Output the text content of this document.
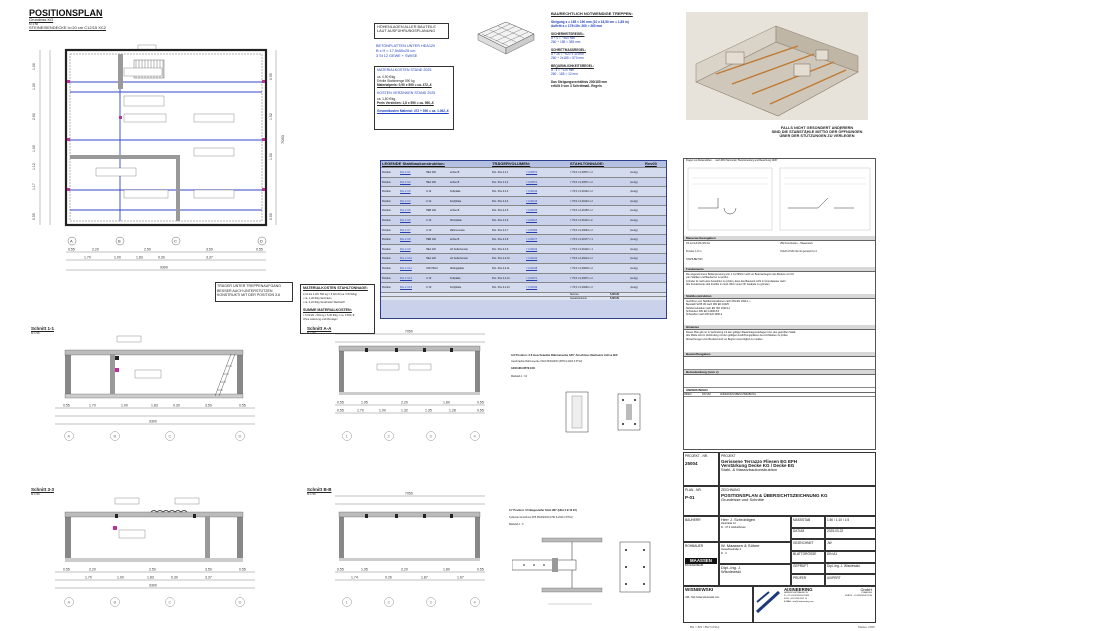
POSITIONSPLAN
Grundriss KG
M 1:50
STEINEISENDECKE h=20 cm C12/15 XC2
A	B	C	D
0.55	2.20	2.50	3.50	0.55
1.70	1.00	1.83	0.30	3.37
9300
1.00
1.00
2.60
1.00
1.12
1.17
0.55
7050
0.55
1.52
1.50
0.55
HÖHENLAGEN ALLER BAUTEILE LAUT AUSFÜHRUNGSPLANUNG
BETONPLATTEN UNTER HEA120
B x H = 17,5x50x25 cm
3 St 12 GEWE + SWISE
MATERIALKOSTEN STAND 2025
ca. 0,90 €/kg
Erfolte Stahlmenge 590 kg
Materialpreis: 0,90 x 590 = ca. 472,-€
KOSTEN VERZINKEN STAND 2025
ca. 1,80 €/kg
Preis Verzinken: 1,8 x 590 = ca. 590,-€
Gesamtkosten Material: 472 + 590 = ca. 1.062,-€
BAURECHTLICH NOTWENDIGE TREPPEN:
Steigung s = 185 < 190 mm (10 x 18,50 cm = 1,85 m)
Auftritt a = 175<30< 260 > 260 mm
SICHERHEITSREGEL:
a + s = ~460 mm
260 + 185 = 385 mm
SCHRITTMASSREGEL:
a + 2s = ~620 ± 30 mm
260 + 2x185 = 570 mm
BEQUEMLICHKEITSREGEL:
a - s = ~120 mm
260 - 185 = 12 mm
Das Steigungsverhältnis 200/185 mm
erfüllt 0 von 3 Schrittmaß- Regeln
FALLS NICHT GESONDERT ANDERERN
SIND DIE STABSTÄHLE MITTIG DER ÖFFNUNGEN
ÜBER DER STÜTZUNGEN ZU VERLEGEN
LEGENDE Stahlbaukonstruktion:	TRÄGERVOLUMEN:	STAHLTONNAGE:	Rev00
Position	Pos 2.4.1	HEA 160	Achse B	Pos. Pos 2.4.1	= 0,00571	= 79,5 x 0,00571 x 2	(ca kg)
Position	Pos 2.4.2	HEA 160	Achse B	Pos. Pos 2.4.2	= 0,00571	= 79,5 x 0,00571 x 2	(ca kg)
Position	Pos 2.4.3	U 12	Fußplatte	Pos. Pos 2.4.3	= 0,00143	= 79,5 x 0,00143 x 2	(ca kg)
Position	Pos 2.4.4	U 12	Kopfplatte	Pos. Pos 2.4.4	= 0,00143	= 79,5 x 0,00143 x 2	(ca kg)
Position	Pos 2.4.5	HEB 100	Achse B	Pos. Pos 2.4.5	= 0,00153	= 79,5 x 0,00153 x 2	(ca kg)
Position	Pos 2.4.6	U 10	Stützplatte	Pos. Pos 2.4.6	= 0,00113	= 79,5 x 0,00113 x 2	(ca kg)
Position	Pos 2.4.7	U 10	Rahmenecke	Pos. Pos 2.4.7	= 0,00094	= 79,5 x 0,00094 x 2	(ca kg)
Position	Pos 2.4.8	HEB 100	Achse B	Pos. Pos 2.4.8	= 0,00177	= 79,5 x 0,00177 x 1	(ca kg)
Position	Pos 2.4.9	HEA 120	LD Kellerfenster	Pos. Pos 2.4.9	= 0,00102	= 79,5 x 0,00102 x 1	(ca kg)
Position	Pos 2.4.10	HEA 120	LD Kellerfenster	Pos. Pos 2.4.10	= 0,00214	= 79,5 x 0,00214 x 2	(ca kg)
Position	Pos 2.4.11	UNO 50x4	Abfangplatte	Pos. Pos 2.4.11	= 0,00018	= 79,5 x 0,00018 x 2	(ca kg)
Position	Pos 2.4.12	U 10	Fußplatte	Pos. Pos 2.4.12	= 0,00071	= 79,5 x 0,00071 x 2	(ca kg)
Position	Pos 2.4.13	U 10	Kopfplatte	Pos. Pos 2.4.13	= 0,00046	= 79,5 x 0,00046 x 2	(ca kg)
Summe	5,00 kN
Gesamtsumme	5,00 kN
TRÄGER UNTER TREPPENAUFGANG
BESSER AUCH UNTERSTÜTZEN
KONSTRUKTI MIT DER POSITION 3.6
MATERIALKOSTEN STAHLTONNAGE:
2,41 bis 2,4/9: 591 kg = 5,00 kN (ca. 0,50 €/kg)
• ca. 1,30 €/kg Verzinken
• ca. 0,22 €/kg Vorarbeiter Werkstoff
SUMME MATERIALKOSTEN:
= 5,00 kN • 591 kg x 5,00 €/kg = ca. 3.600,-€
Ohne Lieferung und Montage !
Schnitt 1-1
M 1:50
0.55	1.70	1.00	1.83	0.30	3.50	0.55
9300
A	B	C	D
Schnitt A-A
M 1:50	7050
0.55	1.95	2.20	1.80	0.55
0.55	1.70	1.00	1.32	1.35	1.28	0.55
1	2	3	4
3.6 Position: 3.6 Geschraubte Rahmenecke 180° Anschluss Nachweis Achse B/3
Geschraubte Rahmenecke VFL8 05/2023/04 (FHN 6-2023-3 PT12)
GESCHRAUBTE ECK
Maßstab 1 : 10
Schnitt 3-3
M 1:50
0.55	2.20	2.50	3.50	0.55
1.70	1.00	1.83	0.30	3.37
9300
A	B	C	D
Schnitt B-B
M 1:50	7050
0.55	1.95	2.20	1.80	0.55
1.74	0.26	1.87	1.67
1	2	3	4
3.7 Position: 3.5 Biegesteifer Stoß 180° (HEA 2 B 10 22)
Tydlender Anschluss STB 05/2023/04 (FHN 6-2023-3 PT12)
Maßstab 1 : 5
Fragen von Bettenstähen … nach DIN Harmonieb "Betonstreckung und Bewehrung 2006"
Mauerwerksangaben
KS 12/1,8 MG NM IIa	MW Porenbeton – Mauerwerk
Fenster 1,8 m	KS12/1,8 MG Ila mit gemischt 2,4
STAHLBETON
Fundamente
Die angenommene Bodenpressung von σ 0,2 MN/m² wird vor Betonierbeginn des Bodens vor Ort
vom Statiker und Bauherren zu prüfen
Gründer ist nach dem Aussohlen zu prüfen, dass das Bauwerk nicht in Grundwasser steht
Alle Fundamente sind frostfrei in mind. 80cm unter OK Gelände zu gründen
Stahlkonstruktion
Ausführen von Stahlkonstruktionen nach DIN EN 1090-1 +
Baustahl S235 JR nach DIN EN 10025
Rohrkonstruktion nach EN ISO 10219-1
Schrauben DIN EN 14399 8.8
Schweißen nach DIN EN 1090-2
Hinweise
Dieser Plan gilt nur in Verbindung mit den gültigen Bauantragsunterlagen bzw. den geprüften Statik
Alle Maße sind in Verbindung mit den gültigen Ausführungsplänen des Architekten zu prüfen
Abweichungen vom Bestand sind vor Beginn unverzüglich zu melden
Baustoffangaben
Betondeckung (nom c)
ÄNDERUNGEN
INDEX	DATUM	ÄNDERUNGSBESCHREIBUNG
PROJEKT - NR.
25004
PROJEKT
Gerissene Terrazzo Fliesen EG EFH
Verstärkung Decke KG / Decke EG
Stahl- & Massivbaukonstruktion
PLAN - NR.
P-01
ZEICHNUNG
POSITIONSPLAN & ÜBERSICHTSZEICHNUNG KG
Grundrisse und Schnitte
BAUHERR	Herr J. Schrobilgen
Hinstraße 12
D - 47 0 Hückelhoven
ROHBAUER
MAASSEN
BAUINGENIEUR
W. Maassen & Söhne
Gewerbestraße 4
D - 4
Dipl.-Ing. J.
Wisniewski
MASSSTAB	1:50 / 1:10 / 1:5
DATUM	2025-03-22
GEZEICHNET	JW
BLATTGRÖSSE	DIN A1
GEPRÜFT	Dipl.-Ing. J. Wisniewski
PRÜFER	AIXPERT
WISNIEWSKI
URL: http://www.wisniewski.com
AIXINEERING	GmbH
HEINRICHSTRASSE 18
D - 47 0 HÜCKELHOVEN
FON: +49 2433 9111 11
E-MAIL: info@aixinnering.com
PLANUNG
STATIK – KONSTRUKTION
BH = 8W / BW (CISH)	Maßen 2025
